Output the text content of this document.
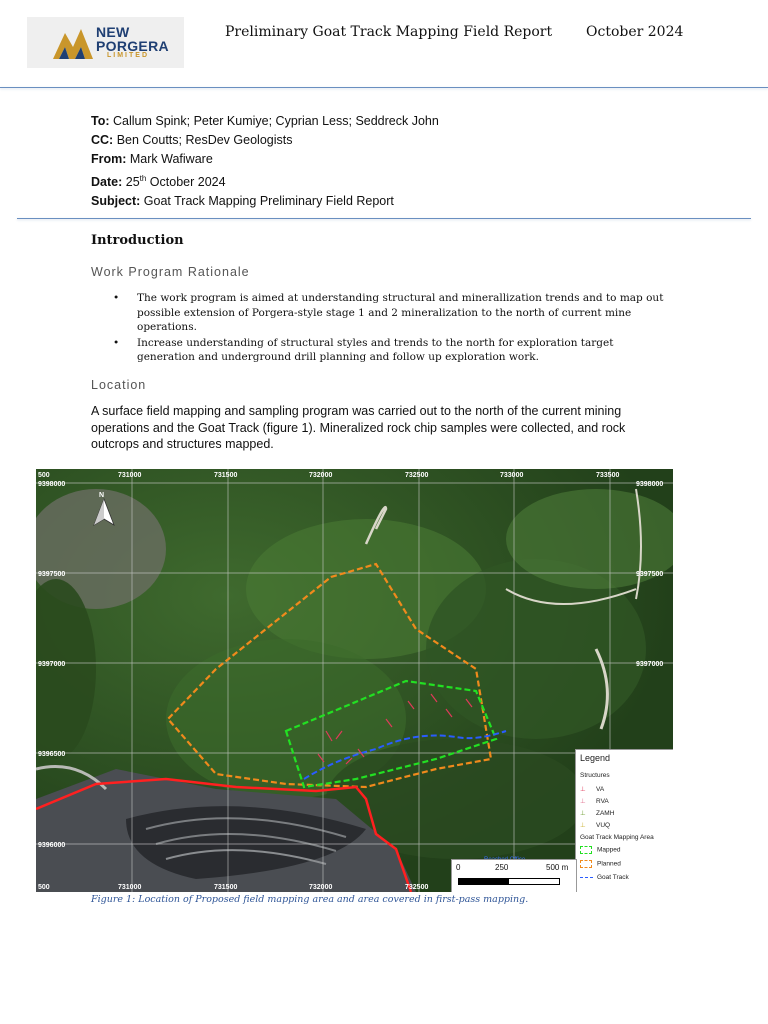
NEW
PORGERA
LIMITED
Preliminary Goat Track Mapping Field Report October 2024
To: Callum Spink; Peter Kumiye; Cyprian Less; Seddreck John
CC: Ben Coutts; ResDev Geologists
From: Mark Wafiware
Date: 25th October 2024
Subject: Goat Track Mapping Preliminary Field Report
Introduction
Work Program Rationale
• The work program is aimed at understanding structural and minerallization trends and to map out possible extension of Porgera-style stage 1 and 2 mineralization to the north of current mine operations.
• Increase understanding of structural styles and trends to the north for exploration target generation and underground drill planning and follow up exploration work.
Location
A surface field mapping and sampling program was carried out to the north of the current mining operations and the Goat Track (figure 1). Mineralized rock chip samples were collected, and rock outcrops and structures mapped.
N
500	731000	731500	732000	732500	733000	733500
9398000
9397500
9397000
9396500
9396000
9398000
9397500
9397000
500	731000	731500	732000	732500
Legend
Structures
⊥ VA
⊥ RVA
⊥ ZAMH
⊥ VUQ
Goat Track Mapping Area
Mapped
Planned
Goat Track
0	250	500 m
Figure 1: Location of Proposed field mapping area and area covered in first-pass mapping.
